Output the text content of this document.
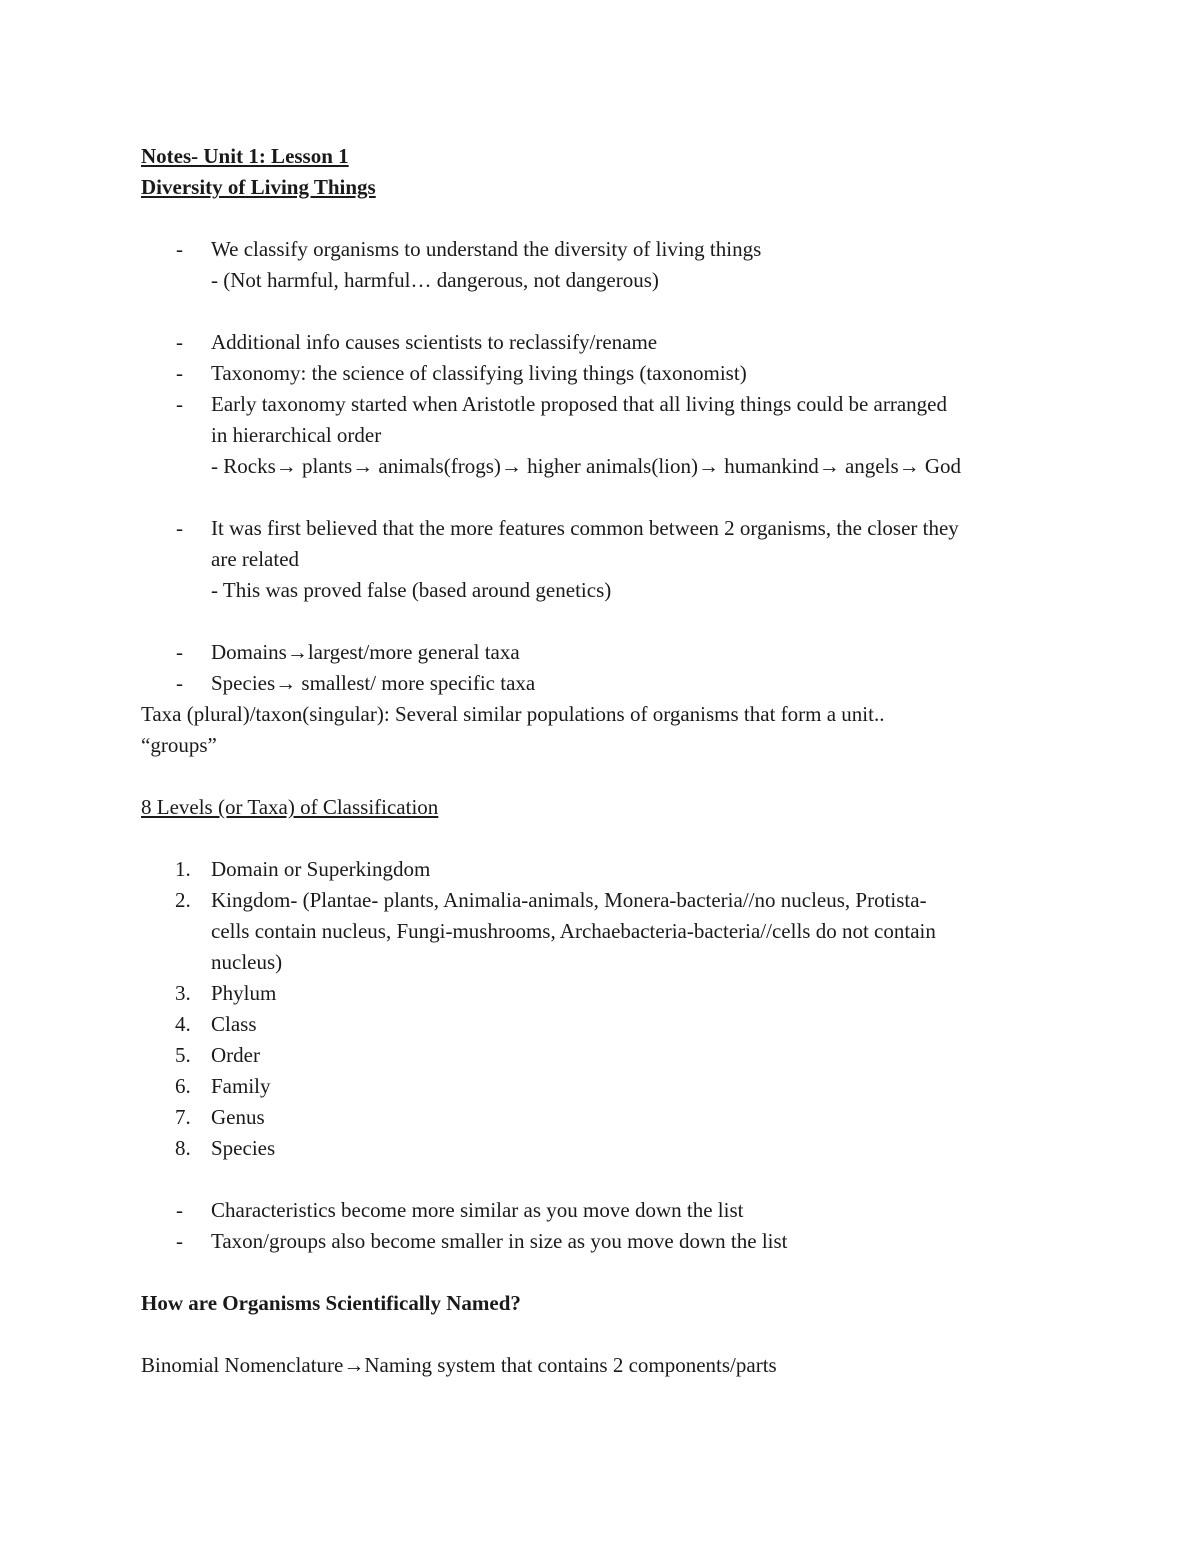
Notes- Unit 1: Lesson 1
Diversity of Living Things
- We classify organisms to understand the diversity of living things
- (Not harmful, harmful… dangerous, not dangerous)
- Additional info causes scientists to reclassify/rename
- Taxonomy: the science of classifying living things (taxonomist)
- Early taxonomy started when Aristotle proposed that all living things could be arranged
in hierarchical order
- Rocks→ plants→ animals(frogs)→ higher animals(lion)→ humankind→ angels→ God
- It was first believed that the more features common between 2 organisms, the closer they
are related
- This was proved false (based around genetics)
- Domains→largest/more general taxa
- Species→ smallest/ more specific taxa
Taxa (plural)/taxon(singular): Several similar populations of organisms that form a unit..
“groups”
8 Levels (or Taxa) of Classification
1. Domain or Superkingdom
2. Kingdom- (Plantae- plants, Animalia-animals, Monera-bacteria//no nucleus, Protista-
cells contain nucleus, Fungi-mushrooms, Archaebacteria-bacteria//cells do not contain
nucleus)
3. Phylum
4. Class
5. Order
6. Family
7. Genus
8. Species
- Characteristics become more similar as you move down the list
- Taxon/groups also become smaller in size as you move down the list
How are Organisms Scientifically Named?
Binomial Nomenclature→Naming system that contains 2 components/parts
